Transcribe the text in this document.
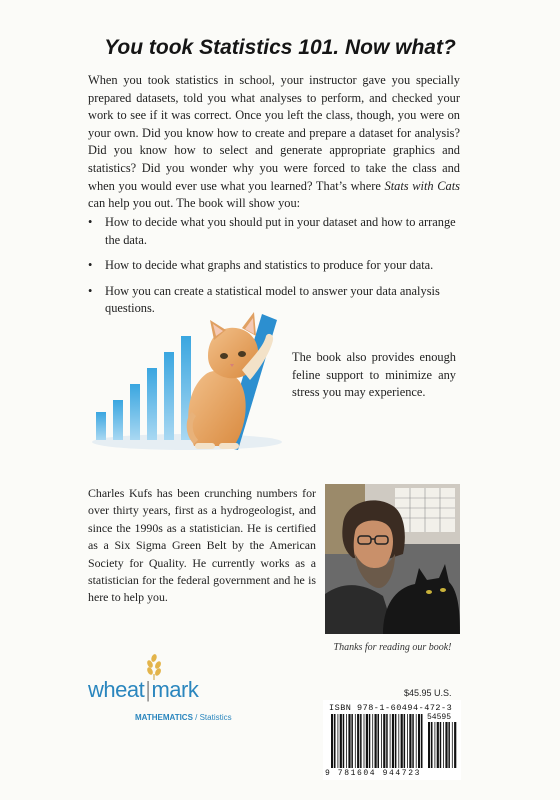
You took Statistics 101. Now what?

When you took statistics in school, your instructor gave you specially prepared datasets, told you what analyses to perform, and checked your work to see if it was correct. Once you left the class, though, you were on your own. Did you know how to create and prepare a dataset for analysis? Did you know how to select and generate appropriate graphics and statistics? Did you wonder why you were forced to take the class and when you would ever use what you learned? That’s where Stats with Cats can help you out. The book will show you:

• How to decide what you should put in your dataset and how to arrange the data.
• How to decide what graphs and statistics to produce for your data.
• How you can create a statistical model to answer your data analysis questions.

The book also provides enough feline support to minimize any stress you may experience.

Charles Kufs has been crunching numbers for over thirty years, first as a hydrogeologist, and since the 1990s as a statistician. He is certified as a Six Sigma Green Belt by the American Society for Quality. He currently works as a statistician for the federal government and he is here to help you.

Thanks for reading our book!
wheat|mark
MATHEMATICS / Statistics
$45.95 U.S.
ISBN 978-1-60494-472-3
54595
9 781604 944723
